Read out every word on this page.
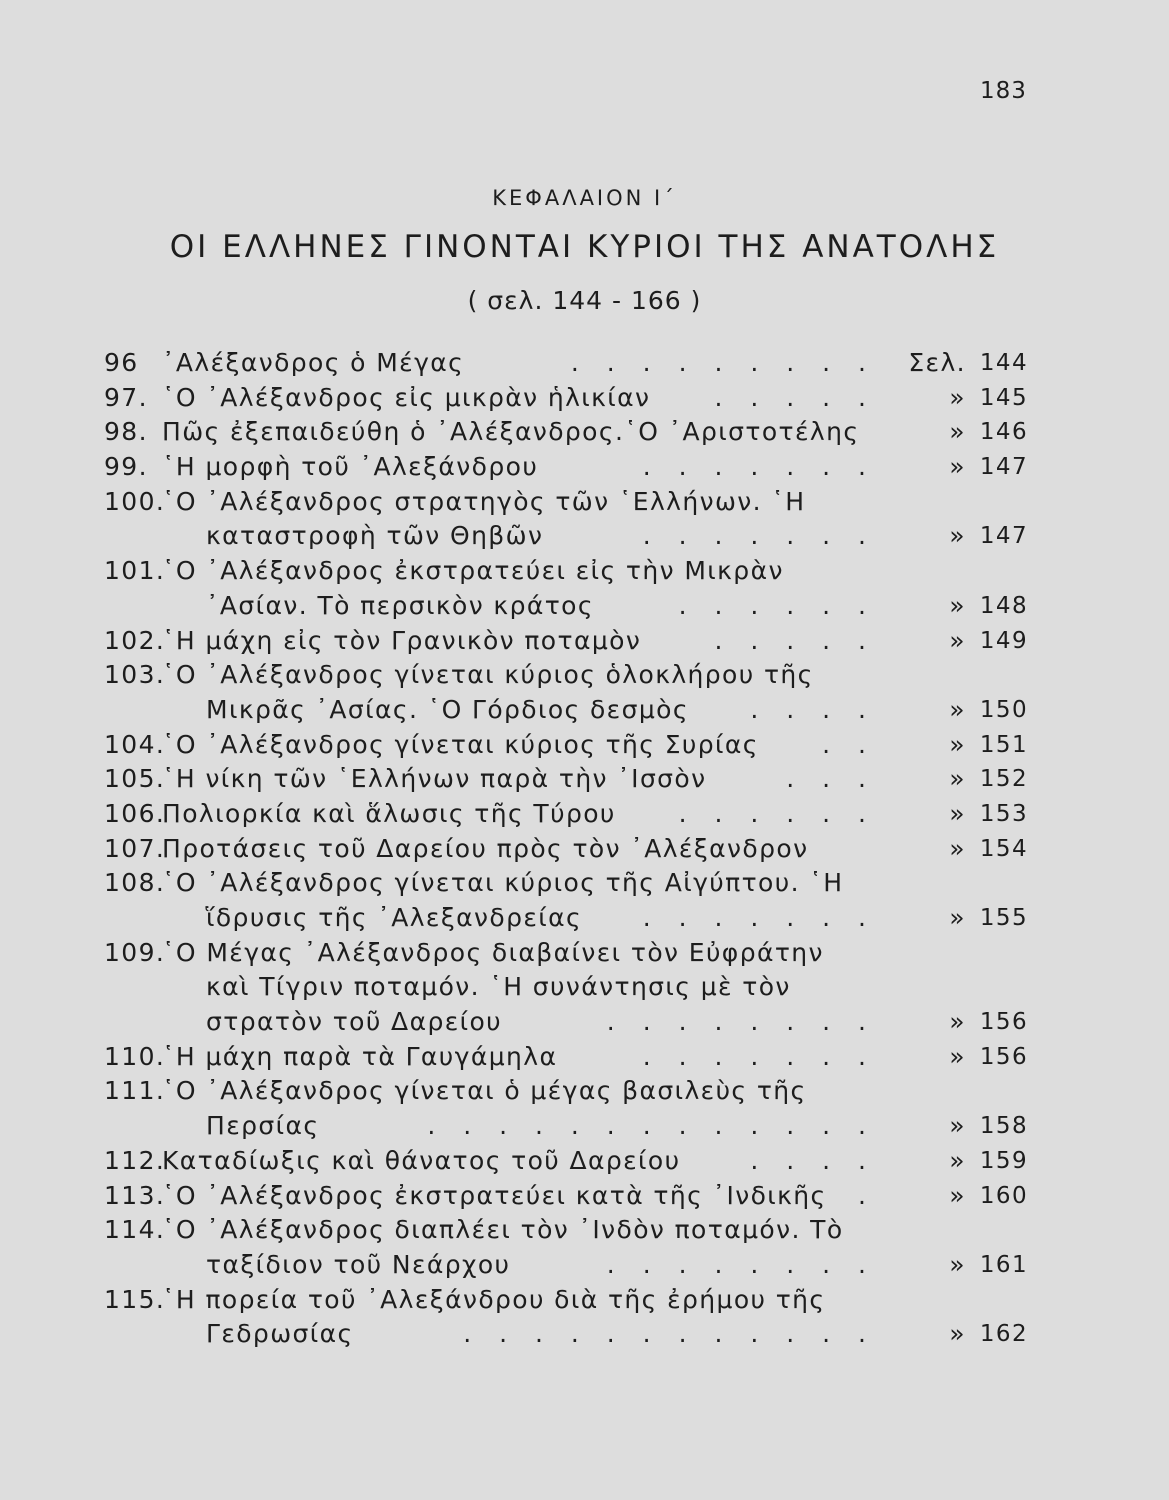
183
ΚΕΦΑΛΑΙΟΝ Ι΄
ΟΙ ΕΛΛΗΝΕΣ ΓΙΝΟΝΤΑΙ ΚΥΡΙΟΙ ΤΗΣ ΑΝΑΤΟΛΗΣ
( σελ. 144 - 166 )
96 ᾿Αλέξανδρος ὁ Μέγας	. . . . . . . . .	Σελ. 144
97. ῾Ο ᾿Αλέξανδρος εἰς μικρὰν ἡλικίαν	. . . . .	» 145
98. Πῶς ἐξεπαιδεύθη ὁ ᾿Αλέξανδρος.῾Ο ᾿Αριστοτέλης	» 146
99. ῾Η μορφὴ τοῦ ᾿Αλεξάνδρου	. . . . . . .	» 147
100.
῾Ο ᾿Αλέξανδρος στρατηγὸς τῶν ῾Ελλήνων. ῾Η
καταστροφὴ τῶν Θηβῶν	. . . . . . .	» 147
101.
῾Ο ᾿Αλέξανδρος ἐκστρατεύει εἰς τὴν Μικρὰν
᾿Ασίαν. Τὸ περσικὸν κράτος	. . . . . .	» 148
102.
῾Η μάχη εἰς τὸν Γρανικὸν ποταμὸν	. . . . .	» 149
103.
῾Ο ᾿Αλέξανδρος γίνεται κύριος ὁλοκλήρου τῆς
Μικρᾶς ᾿Ασίας. ῾Ο Γόρδιος δεσμὸς . . . .	» 150
104.
῾Ο ᾿Αλέξανδρος γίνεται κύριος τῆς Συρίας	. .	» 151
105.
῾Η νίκη τῶν ῾Ελλήνων παρὰ τὴν ᾿Ισσὸν	. . .	» 152
106.
Πολιορκία καὶ ἅλωσις τῆς Τύρου	. . . . . .	» 153
107.
Προτάσεις τοῦ Δαρείου πρὸς τὸν ᾿Αλέξανδρον	» 154
108.
῾Ο ᾿Αλέξανδρος γίνεται κύριος τῆς Αἰγύπτου. ῾Η
ἵδρυσις τῆς ᾿Αλεξανδρείας . . . . . . .	» 155
109.
῾Ο Μέγας ᾿Αλέξανδρος διαβαίνει τὸν Εὐφράτην
καὶ Τίγριν ποταμόν. ῾Η συνάντησις μὲ τὸν
στρατὸν τοῦ Δαρείου	. . . . . . . .	» 156
110.
῾Η μάχη παρὰ τὰ Γαυγάμηλα	. . . . . . .	» 156
111.
῾Ο ᾿Αλέξανδρος γίνεται ὁ μέγας βασιλεὺς τῆς
Περσίας	. . . . . . . . . . . . .	» 158
112.
Καταδίωξις καὶ θάνατος τοῦ Δαρείου	. . . .	» 159
113.
῾Ο ᾿Αλέξανδρος ἐκστρατεύει κατὰ τῆς ᾿Ινδικῆς .	» 160
114.
῾Ο ᾿Αλέξανδρος διαπλέει τὸν ᾿Ινδὸν ποταμόν. Τὸ
ταξίδιον τοῦ Νεάρχου	. . . . . . . .	» 161
115.
῾Η πορεία τοῦ ᾿Αλεξάνδρου διὰ τῆς ἐρήμου τῆς
Γεδρωσίας	. . . . . . . . . . . .	» 162
